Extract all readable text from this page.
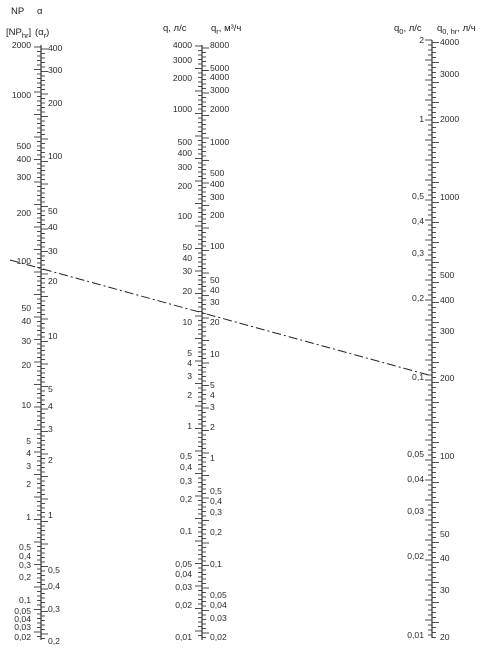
NP
$[NP_{hr}]$
α
$(\alpha_r)$	q, л/с	$q_r$, м³/ч	$q_0$, л/с $q_{0, hr}$, л/ч
2000
1000
500
400
300
200
100
50
40
30
20
10
5
4
3
2
1
0,5
0,4
0,3
0,2
0,1
0,05
0,04
0,03
0,02
400
300
200
100
50
40
30
20
10
5
4
3
2
1
0,5
0,4
0,3
0,2
4000
3000
2000
1000
500
400
300
200
100
50
40
30
20
10
5
4
3
2
1
0,5
0,4
0,3
0,2
0,1
0,05
0,04
0,03
0,02
0,01
8000
5000
4000
3000
2000
1000
500
400
300
200
100
50
40
30
20
10
5
4
3
2
1
0,5
0,4
0,3
0,2
0,1
0,05
0,04
0,03
0,02
2
1
0,5
0,4
0,3
0,2
0,1
0,05
0,04
0,03
0,02
0,01
4000
3000
2000
1000
500
400
300
200
100
50
40
30
20
